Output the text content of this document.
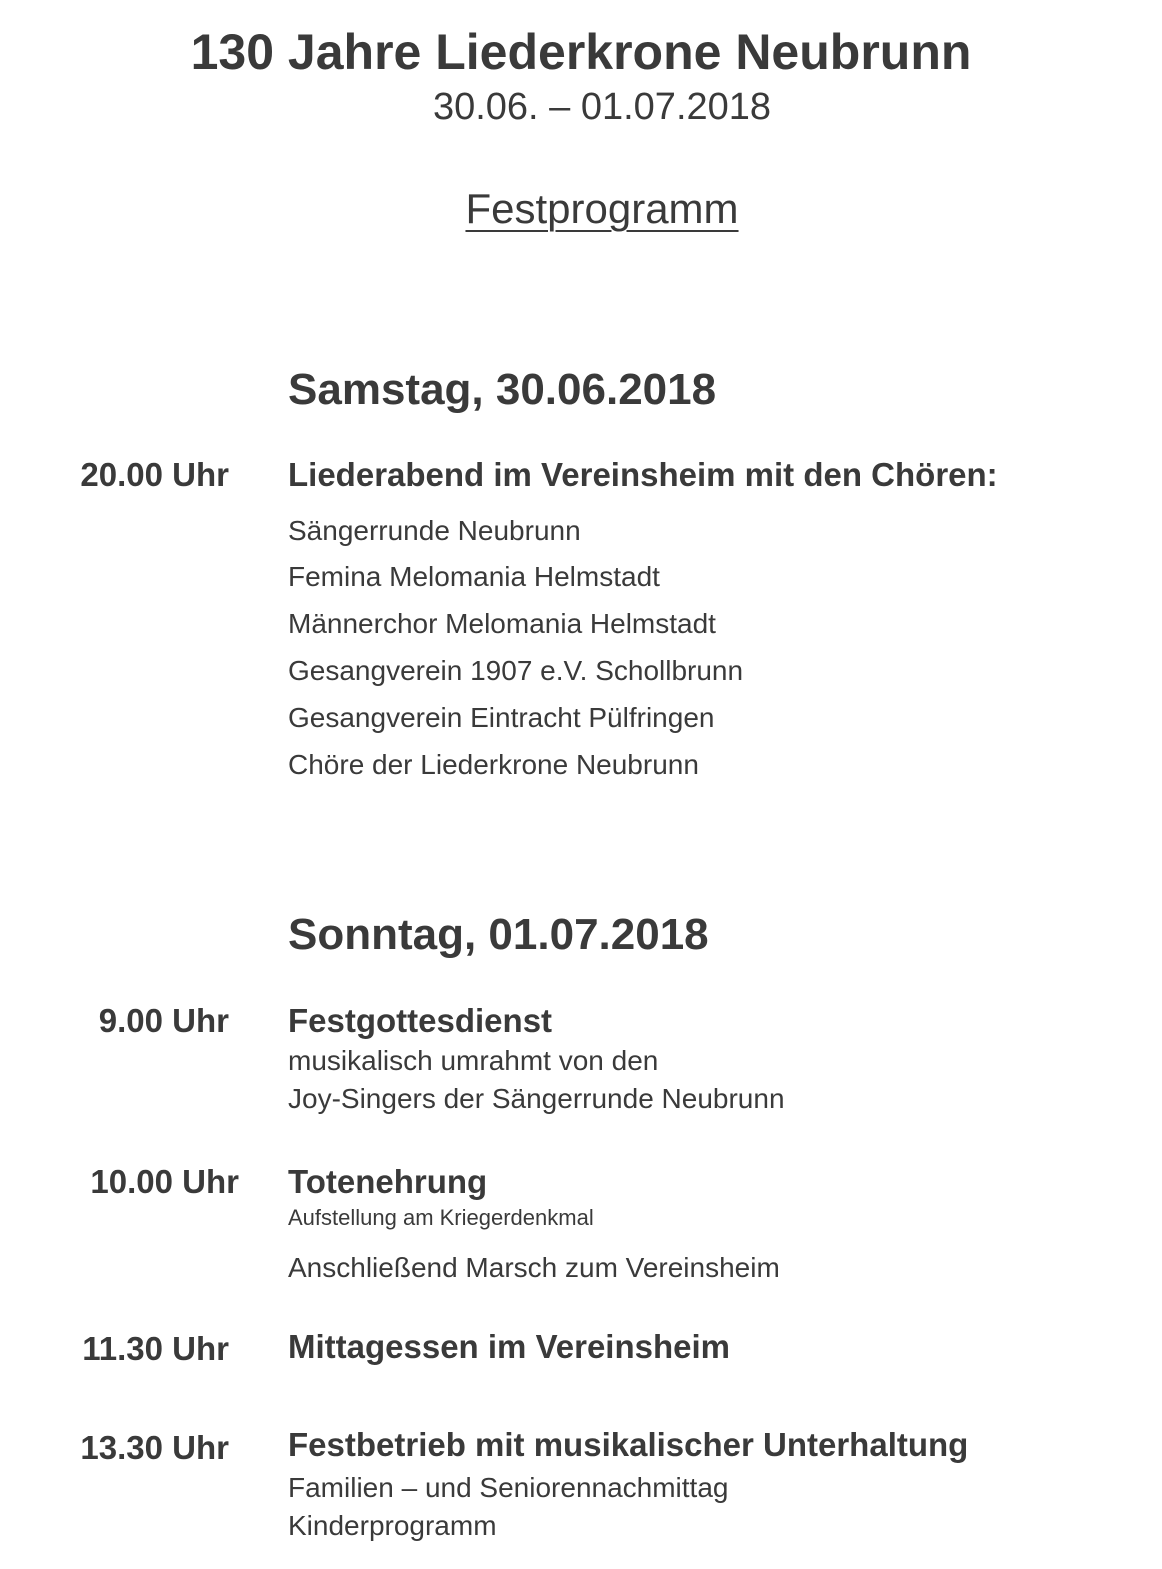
130 Jahre Liederkrone Neubrunn
30.06. – 01.07.2018
Festprogramm
Samstag, 30.06.2018
20.00 Uhr Liederabend im Vereinsheim mit den Chören:
Sängerrunde Neubrunn
Femina Melomania Helmstadt
Männerchor Melomania Helmstadt
Gesangverein 1907 e.V. Schollbrunn
Gesangverein Eintracht Pülfringen
Chöre der Liederkrone Neubrunn
Sonntag, 01.07.2018
9.00 Uhr Festgottesdienst
musikalisch umrahmt von den
Joy-Singers der Sängerrunde Neubrunn
10.00 Uhr Totenehrung
Aufstellung am Kriegerdenkmal
Anschließend Marsch zum Vereinsheim
11.30 Uhr Mittagessen im Vereinsheim
13.30 Uhr Festbetrieb mit musikalischer Unterhaltung
Familien – und Seniorennachmittag
Kinderprogramm
